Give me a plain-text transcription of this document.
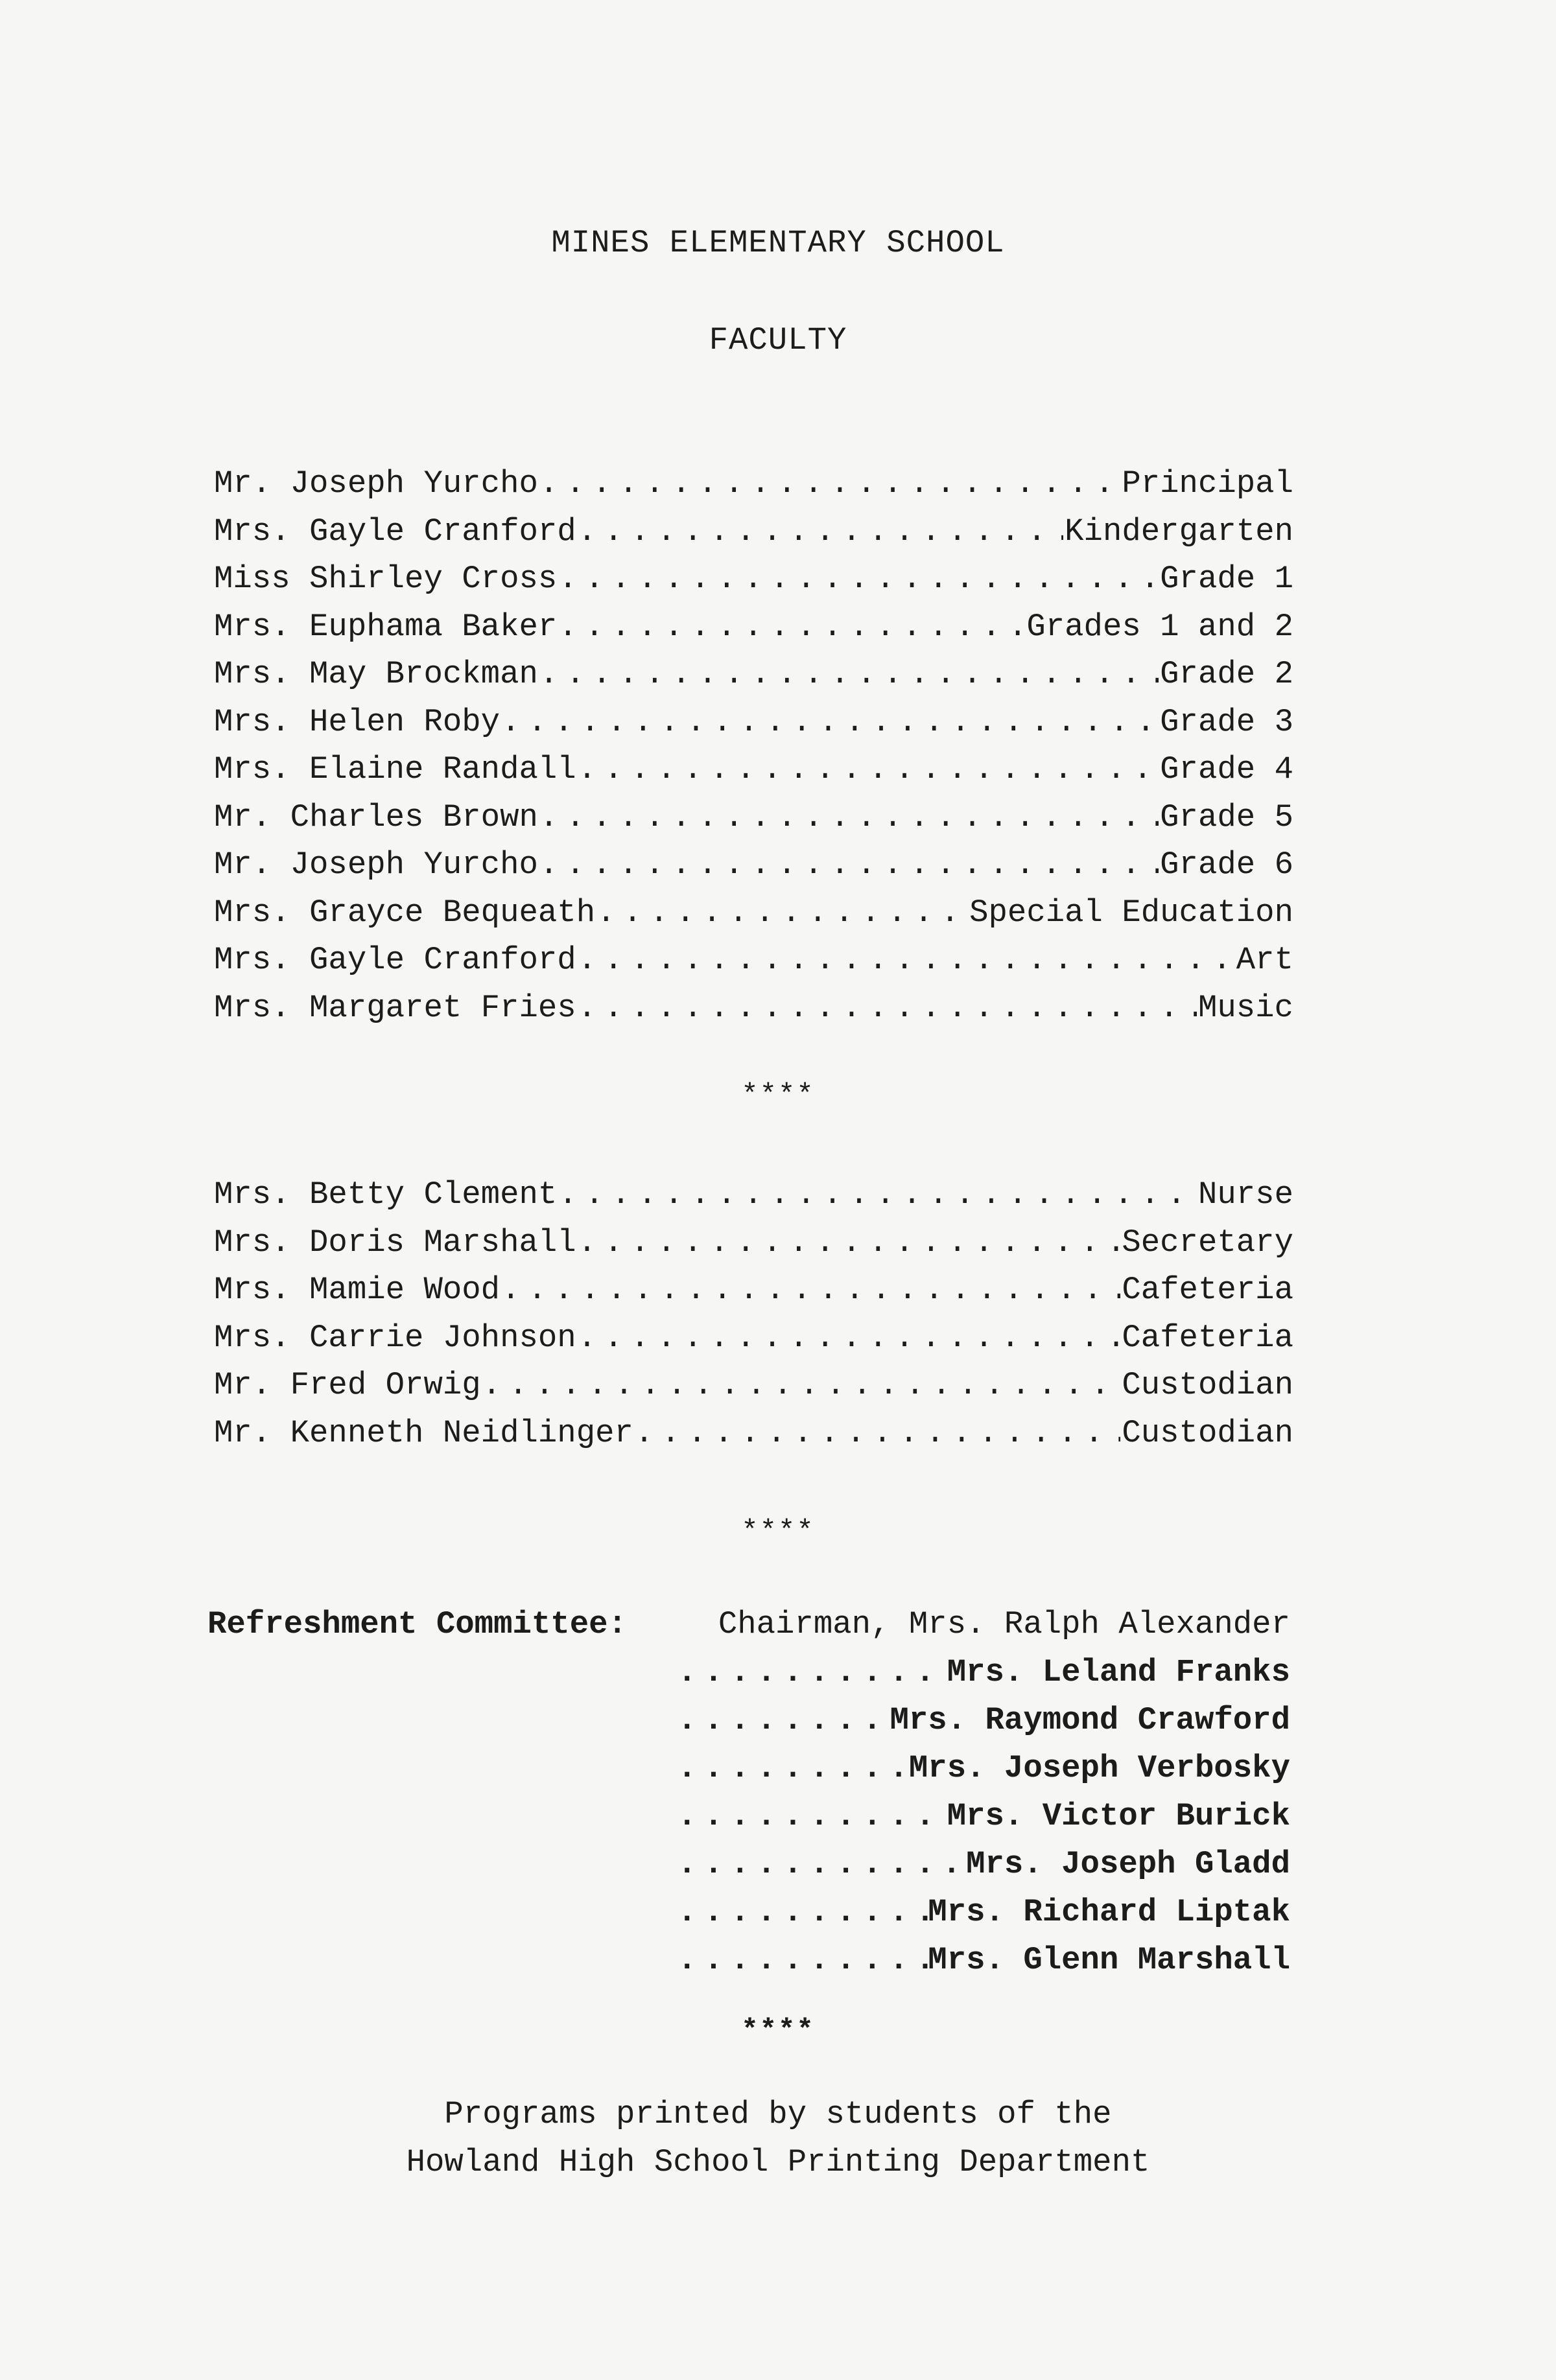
MINES ELEMENTARY SCHOOL
FACULTY
Mr. Joseph Yurcho . . .	Principal
Mrs. Gayle Cranford . . .	Kindergarten
Miss Shirley Cross . . .	Grade 1
Mrs. Euphama Baker . . .	Grades 1 and 2
Mrs. May Brockman . . .	Grade 2
Mrs. Helen Roby . . .	Grade 3
Mrs. Elaine Randall . . .	Grade 4
Mr. Charles Brown . . .	Grade 5
Mr. Joseph Yurcho . . .	Grade 6
Mrs. Grayce Bequeath . . .	Special Education
Mrs. Gayle Cranford . . .	Art
Mrs. Margaret Fries . . .	Music
****
Mrs. Betty Clement . . .	Nurse
Mrs. Doris Marshall . . .	Secretary
Mrs. Mamie Wood . . .	Cafeteria
Mrs. Carrie Johnson . . .	Cafeteria
Mr. Fred Orwig . . .	Custodian
Mr. Kenneth Neidlinger . . .	Custodian
****
Refreshment Committee:	Chairman, Mrs. Ralph Alexander
. . .
Mrs. Leland Franks
. . .
Mrs. Raymond Crawford
. . .
Mrs. Joseph Verbosky
. . .
Mrs. Victor Burick
. . .
Mrs. Joseph Gladd
. . .
Mrs. Richard Liptak
. . .
Mrs. Glenn Marshall
****
Programs printed by students of the
Howland High School Printing Department
